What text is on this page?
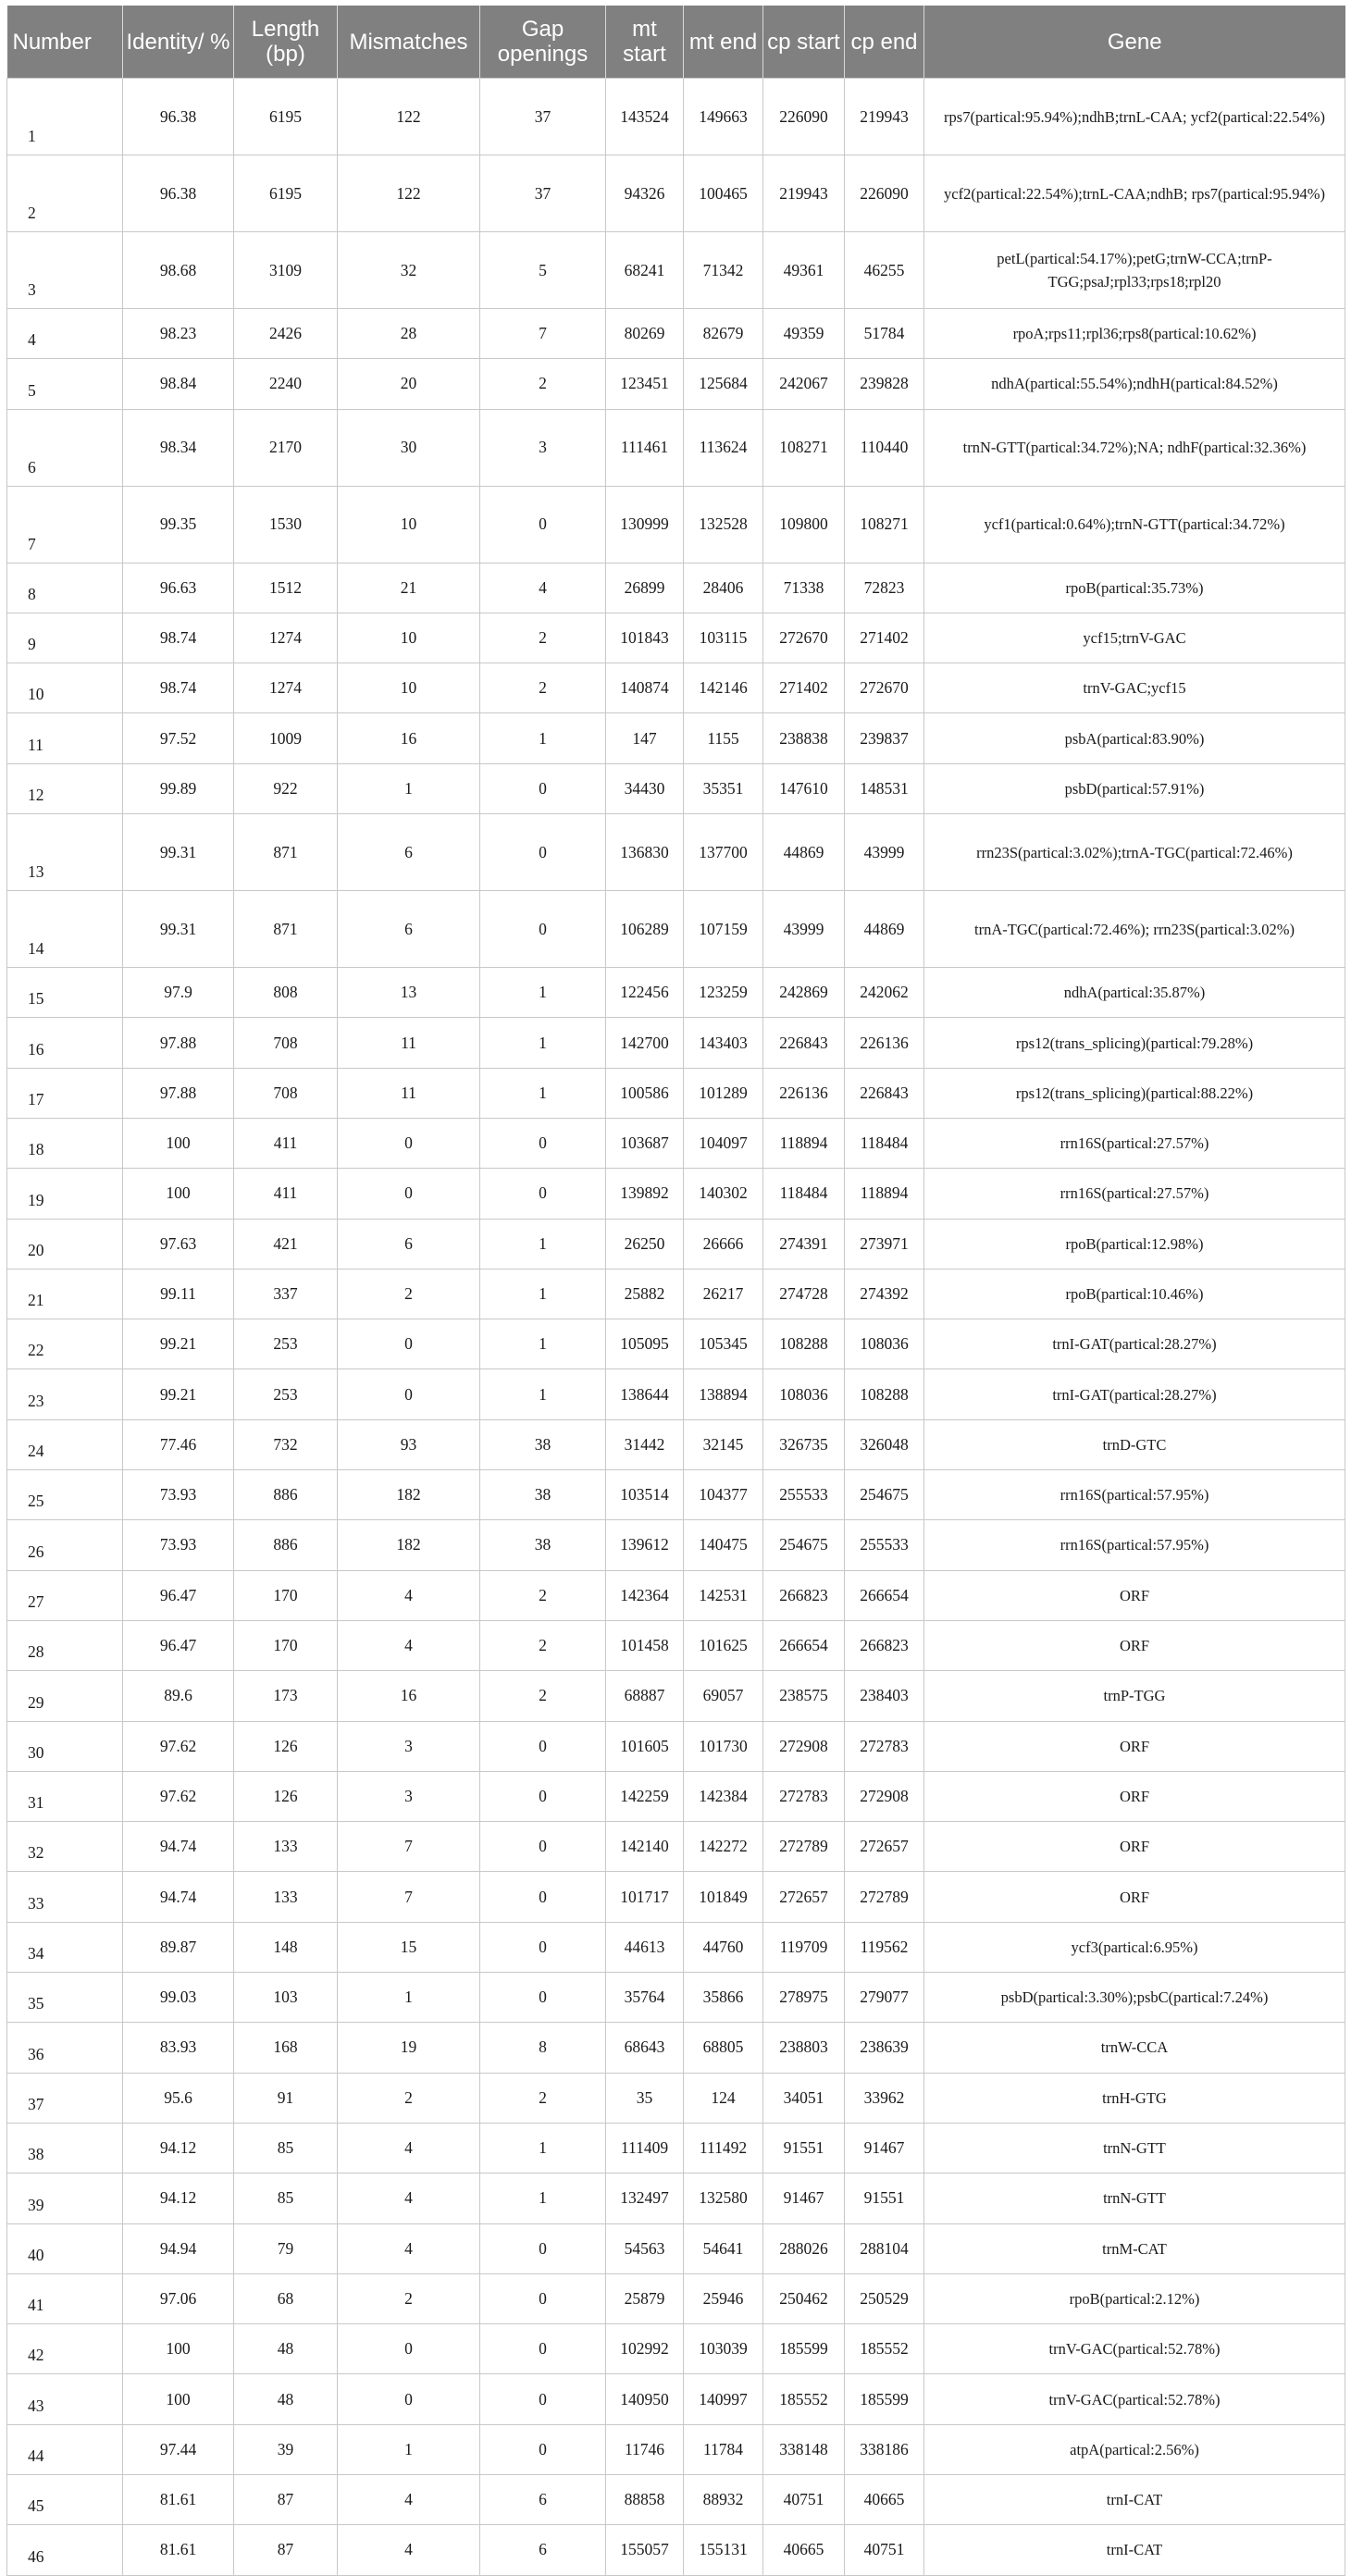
Number	Identity/ %	Length (bp)	Mismatches	Gap openings	mt start	mt end	cp start	cp end	Gene
1	96.38	6195	122	37	143524	149663	226090	219943	rps7(partical:95.94%);ndhB;trnL-CAA; ycf2(partical:22.54%)
2	96.38	6195	122	37	94326	100465	219943	226090	ycf2(partical:22.54%);trnL-CAA;ndhB; rps7(partical:95.94%)
3	98.68	3109	32	5	68241	71342	49361	46255	petL(partical:54.17%);petG;trnW-CCA;trnP-TGG;psaJ;rpl33;rps18;rpl20
4	98.23	2426	28	7	80269	82679	49359	51784	rpoA;rps11;rpl36;rps8(partical:10.62%)
5	98.84	2240	20	2	123451	125684	242067	239828	ndhA(partical:55.54%);ndhH(partical:84.52%)
6	98.34	2170	30	3	111461	113624	108271	110440	trnN-GTT(partical:34.72%);NA; ndhF(partical:32.36%)
7	99.35	1530	10	0	130999	132528	109800	108271	ycf1(partical:0.64%);trnN-GTT(partical:34.72%)
8	96.63	1512	21	4	26899	28406	71338	72823	rpoB(partical:35.73%)
9	98.74	1274	10	2	101843	103115	272670	271402	ycf15;trnV-GAC
10	98.74	1274	10	2	140874	142146	271402	272670	trnV-GAC;ycf15
11	97.52	1009	16	1	147	1155	238838	239837	psbA(partical:83.90%)
12	99.89	922	1	0	34430	35351	147610	148531	psbD(partical:57.91%)
13	99.31	871	6	0	136830	137700	44869	43999	rrn23S(partical:3.02%);trnA-TGC(partical:72.46%)
14	99.31	871	6	0	106289	107159	43999	44869	trnA-TGC(partical:72.46%); rrn23S(partical:3.02%)
15	97.9	808	13	1	122456	123259	242869	242062	ndhA(partical:35.87%)
16	97.88	708	11	1	142700	143403	226843	226136	rps12(trans_splicing)(partical:79.28%)
17	97.88	708	11	1	100586	101289	226136	226843	rps12(trans_splicing)(partical:88.22%)
18	100	411	0	0	103687	104097	118894	118484	rrn16S(partical:27.57%)
19	100	411	0	0	139892	140302	118484	118894	rrn16S(partical:27.57%)
20	97.63	421	6	1	26250	26666	274391	273971	rpoB(partical:12.98%)
21	99.11	337	2	1	25882	26217	274728	274392	rpoB(partical:10.46%)
22	99.21	253	0	1	105095	105345	108288	108036	trnI-GAT(partical:28.27%)
23	99.21	253	0	1	138644	138894	108036	108288	trnI-GAT(partical:28.27%)
24	77.46	732	93	38	31442	32145	326735	326048	trnD-GTC
25	73.93	886	182	38	103514	104377	255533	254675	rrn16S(partical:57.95%)
26	73.93	886	182	38	139612	140475	254675	255533	rrn16S(partical:57.95%)
27	96.47	170	4	2	142364	142531	266823	266654	ORF
28	96.47	170	4	2	101458	101625	266654	266823	ORF
29	89.6	173	16	2	68887	69057	238575	238403	trnP-TGG
30	97.62	126	3	0	101605	101730	272908	272783	ORF
31	97.62	126	3	0	142259	142384	272783	272908	ORF
32	94.74	133	7	0	142140	142272	272789	272657	ORF
33	94.74	133	7	0	101717	101849	272657	272789	ORF
34	89.87	148	15	0	44613	44760	119709	119562	ycf3(partical:6.95%)
35	99.03	103	1	0	35764	35866	278975	279077	psbD(partical:3.30%);psbC(partical:7.24%)
36	83.93	168	19	8	68643	68805	238803	238639	trnW-CCA
37	95.6	91	2	2	35	124	34051	33962	trnH-GTG
38	94.12	85	4	1	111409	111492	91551	91467	trnN-GTT
39	94.12	85	4	1	132497	132580	91467	91551	trnN-GTT
40	94.94	79	4	0	54563	54641	288026	288104	trnM-CAT
41	97.06	68	2	0	25879	25946	250462	250529	rpoB(partical:2.12%)
42	100	48	0	0	102992	103039	185599	185552	trnV-GAC(partical:52.78%)
43	100	48	0	0	140950	140997	185552	185599	trnV-GAC(partical:52.78%)
44	97.44	39	1	0	11746	11784	338148	338186	atpA(partical:2.56%)
45	81.61	87	4	6	88858	88932	40751	40665	trnI-CAT
46	81.61	87	4	6	155057	155131	40665	40751	trnI-CAT
